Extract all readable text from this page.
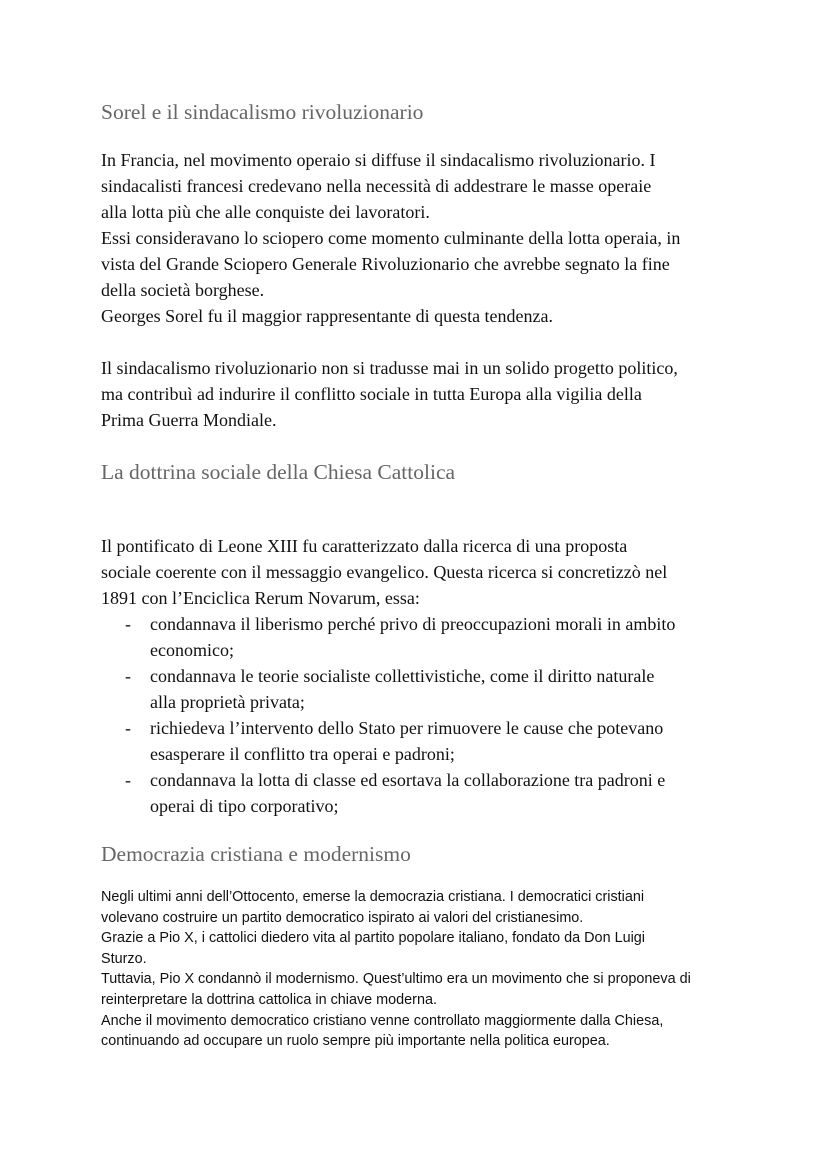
Sorel e il sindacalismo rivoluzionario

In Francia, nel movimento operaio si diffuse il sindacalismo rivoluzionario. I
sindacalisti francesi credevano nella necessità di addestrare le masse operaie
alla lotta più che alle conquiste dei lavoratori.
Essi consideravano lo sciopero come momento culminante della lotta operaia, in
vista del Grande Sciopero Generale Rivoluzionario che avrebbe segnato la fine
della società borghese.
Georges Sorel fu il maggior rappresentante di questa tendenza.

Il sindacalismo rivoluzionario non si tradusse mai in un solido progetto politico,
ma contribuì ad indurire il conflitto sociale in tutta Europa alla vigilia della
Prima Guerra Mondiale.

La dottrina sociale della Chiesa Cattolica

Il pontificato di Leone XIII fu caratterizzato dalla ricerca di una proposta
sociale coerente con il messaggio evangelico. Questa ricerca si concretizzò nel
1891 con l’Enciclica Rerum Novarum, essa:

- condannava il liberismo perché privo di preoccupazioni morali in ambito
economico;
- condannava le teorie socialiste collettivistiche, come il diritto naturale
alla proprietà privata;
- richiedeva l’intervento dello Stato per rimuovere le cause che potevano
esasperare il conflitto tra operai e padroni;
- condannava la lotta di classe ed esortava la collaborazione tra padroni e
operai di tipo corporativo;
Democrazia cristiana e modernismo

Negli ultimi anni dell’Ottocento, emerse la democrazia cristiana. I democratici cristiani
volevano costruire un partito democratico ispirato ai valori del cristianesimo.
Grazie a Pio X, i cattolici diedero vita al partito popolare italiano, fondato da Don Luigi
Sturzo.
Tuttavia, Pio X condannò il modernismo. Quest’ultimo era un movimento che si proponeva di
reinterpretare la dottrina cattolica in chiave moderna.
Anche il movimento democratico cristiano venne controllato maggiormente dalla Chiesa,
continuando ad occupare un ruolo sempre più importante nella politica europea.
